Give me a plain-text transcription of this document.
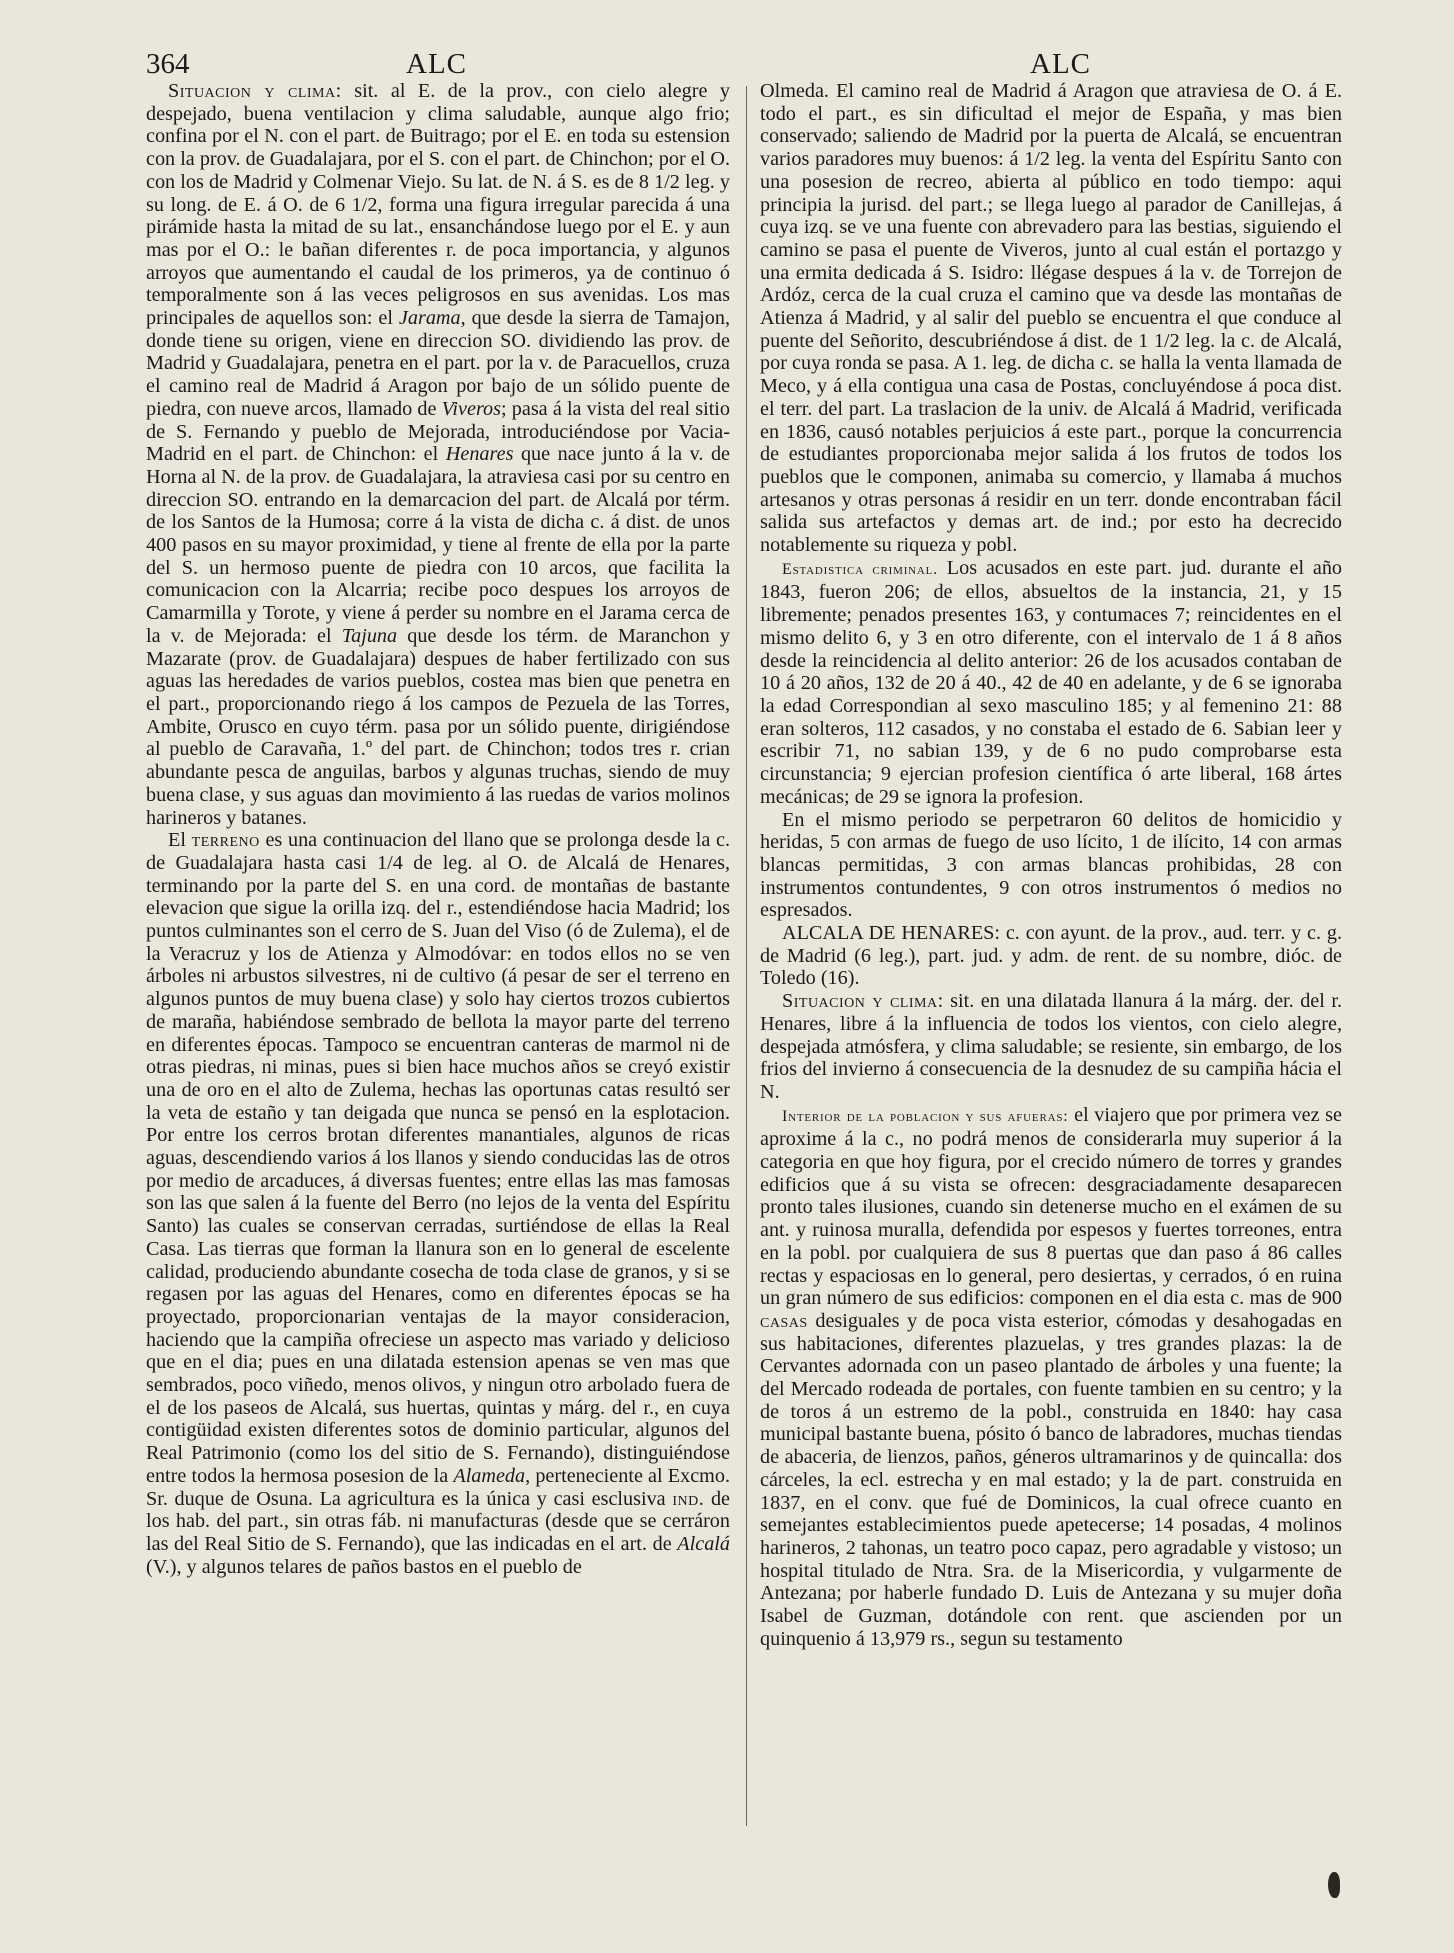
364	ALC	ALC

Situacion y clima: sit. al E. de la prov., con cielo alegre y despejado, buena ventilacion y clima saludable, aunque algo frio; confina por el N. con el part. de Buitrago; por el E. en toda su estension con la prov. de Guadalajara, por el S. con el part. de Chinchon; por el O. con los de Madrid y Colmenar Viejo. Su lat. de N. á S. es de 8 1/2 leg. y su long. de E. á O. de 6 1/2, forma una figura irregular parecida á una pirámide hasta la mitad de su lat., ensanchándose luego por el E. y aun mas por el O.: le bañan diferentes r. de poca importancia, y algunos arroyos que aumentando el caudal de los primeros, ya de continuo ó temporalmente son á las veces peligrosos en sus avenidas. Los mas principales de aquellos son: el Jarama, que desde la sierra de Tamajon, donde tiene su origen, viene en direccion SO. dividiendo las prov. de Madrid y Guadalajara, penetra en el part. por la v. de Paracuellos, cruza el camino real de Madrid á Aragon por bajo de un sólido puente de piedra, con nueve arcos, llamado de Viveros; pasa á la vista del real sitio de S. Fernando y pueblo de Mejorada, introduciéndose por Vacia-Madrid en el part. de Chinchon: el Henares que nace junto á la v. de Horna al N. de la prov. de Guadalajara, la atraviesa casi por su centro en direccion SO. entrando en la demarcacion del part. de Alcalá por térm. de los Santos de la Humosa; corre á la vista de dicha c. á dist. de unos 400 pasos en su mayor proximidad, y tiene al frente de ella por la parte del S. un hermoso puente de piedra con 10 arcos, que facilita la comunicacion con la Alcarria; recibe poco despues los arroyos de Camarmilla y Torote, y viene á perder su nombre en el Jarama cerca de la v. de Mejorada: el Tajuna que desde los térm. de Maranchon y Mazarate (prov. de Guadalajara) despues de haber fertilizado con sus aguas las heredades de varios pueblos, costea mas bien que penetra en el part., proporcionando riego á los campos de Pezuela de las Torres, Ambite, Orusco en cuyo térm. pasa por un sólido puente, dirigiéndose al pueblo de Caravaña, 1.º del part. de Chinchon; todos tres r. crian abundante pesca de anguilas, barbos y algunas truchas, siendo de muy buena clase, y sus aguas dan movimiento á las ruedas de varios molinos harineros y batanes.

El terreno es una continuacion del llano que se prolonga desde la c. de Guadalajara hasta casi 1/4 de leg. al O. de Alcalá de Henares, terminando por la parte del S. en una cord. de montañas de bastante elevacion que sigue la orilla izq. del r., estendiéndose hacia Madrid; los puntos culminantes son el cerro de S. Juan del Viso (ó de Zulema), el de la Veracruz y los de Atienza y Almodóvar: en todos ellos no se ven árboles ni arbustos silvestres, ni de cultivo (á pesar de ser el terreno en algunos puntos de muy buena clase) y solo hay ciertos trozos cubiertos de maraña, habiéndose sembrado de bellota la mayor parte del terreno en diferentes épocas. Tampoco se encuentran canteras de marmol ni de otras piedras, ni minas, pues si bien hace muchos años se creyó existir una de oro en el alto de Zulema, hechas las oportunas catas resultó ser la veta de estaño y tan deigada que nunca se pensó en la esplotacion. Por entre los cerros brotan diferentes manantiales, algunos de ricas aguas, descendiendo varios á los llanos y siendo conducidas las de otros por medio de arcaduces, á diversas fuentes; entre ellas las mas famosas son las que salen á la fuente del Berro (no lejos de la venta del Espíritu Santo) las cuales se conservan cerradas, surtiéndose de ellas la Real Casa. Las tierras que forman la llanura son en lo general de escelente calidad, produciendo abundante cosecha de toda clase de granos, y si se regasen por las aguas del Henares, como en diferentes épocas se ha proyectado, proporcionarian ventajas de la mayor consideracion, haciendo que la campiña ofreciese un aspecto mas variado y delicioso que en el dia; pues en una dilatada estension apenas se ven mas que sembrados, poco viñedo, menos olivos, y ningun otro arbolado fuera de el de los paseos de Alcalá, sus huertas, quintas y márg. del r., en cuya contigüidad existen diferentes sotos de dominio particular, algunos del Real Patrimonio (como los del sitio de S. Fernando), distinguiéndose entre todos la hermosa posesion de la Alameda, perteneciente al Excmo. Sr. duque de Osuna. La agricultura es la única y casi esclusiva ind. de los hab. del part., sin otras fáb. ni manufacturas (desde que se cerráron las del Real Sitio de S. Fernando), que las indicadas en el art. de Alcalá (V.), y algunos telares de paños bastos en el pueblo de

Olmeda. El camino real de Madrid á Aragon que atraviesa de O. á E. todo el part., es sin dificultad el mejor de España, y mas bien conservado; saliendo de Madrid por la puerta de Alcalá, se encuentran varios paradores muy buenos: á 1/2 leg. la venta del Espíritu Santo con una posesion de recreo, abierta al público en todo tiempo: aqui principia la jurisd. del part.; se llega luego al parador de Canillejas, á cuya izq. se ve una fuente con abrevadero para las bestias, siguiendo el camino se pasa el puente de Viveros, junto al cual están el portazgo y una ermita dedicada á S. Isidro: llégase despues á la v. de Torrejon de Ardóz, cerca de la cual cruza el camino que va desde las montañas de Atienza á Madrid, y al salir del pueblo se encuentra el que conduce al puente del Señorito, descubriéndose á dist. de 1 1/2 leg. la c. de Alcalá, por cuya ronda se pasa. A 1. leg. de dicha c. se halla la venta llamada de Meco, y á ella contigua una casa de Postas, concluyéndose á poca dist. el terr. del part. La traslacion de la univ. de Alcalá á Madrid, verificada en 1836, causó notables perjuicios á este part., porque la concurrencia de estudiantes proporcionaba mejor salida á los frutos de todos los pueblos que le componen, animaba su comercio, y llamaba á muchos artesanos y otras personas á residir en un terr. donde encontraban fácil salida sus artefactos y demas art. de ind.; por esto ha decrecido notablemente su riqueza y pobl.

Estadistica criminal. Los acusados en este part. jud. durante el año 1843, fueron 206; de ellos, absueltos de la instancia, 21, y 15 libremente; penados presentes 163, y contumaces 7; reincidentes en el mismo delito 6, y 3 en otro diferente, con el intervalo de 1 á 8 años desde la reincidencia al delito anterior: 26 de los acusados contaban de 10 á 20 años, 132 de 20 á 40., 42 de 40 en adelante, y de 6 se ignoraba la edad Correspondian al sexo masculino 185; y al femenino 21: 88 eran solteros, 112 casados, y no constaba el estado de 6. Sabian leer y escribir 71, no sabian 139, y de 6 no pudo comprobarse esta circunstancia; 9 ejercian profesion científica ó arte liberal, 168 ártes mecánicas; de 29 se ignora la profesion.

En el mismo periodo se perpetraron 60 delitos de homicidio y heridas, 5 con armas de fuego de uso lícito, 1 de ilícito, 14 con armas blancas permitidas, 3 con armas blancas prohibidas, 28 con instrumentos contundentes, 9 con otros instrumentos ó medios no espresados.

ALCALA DE HENARES: c. con ayunt. de la prov., aud. terr. y c. g. de Madrid (6 leg.), part. jud. y adm. de rent. de su nombre, dióc. de Toledo (16).

Situacion y clima: sit. en una dilatada llanura á la márg. der. del r. Henares, libre á la influencia de todos los vientos, con cielo alegre, despejada atmósfera, y clima saludable; se resiente, sin embargo, de los frios del invierno á consecuencia de la desnudez de su campiña hácia el N.

Interior de la poblacion y sus afueras: el viajero que por primera vez se aproxime á la c., no podrá menos de considerarla muy superior á la categoria en que hoy figura, por el crecido número de torres y grandes edificios que á su vista se ofrecen: desgraciadamente desaparecen pronto tales ilusiones, cuando sin detenerse mucho en el exámen de su ant. y ruinosa muralla, defendida por espesos y fuertes torreones, entra en la pobl. por cualquiera de sus 8 puertas que dan paso á 86 calles rectas y espaciosas en lo general, pero desiertas, y cerrados, ó en ruina un gran número de sus edificios: componen en el dia esta c. mas de 900 casas desiguales y de poca vista esterior, cómodas y desahogadas en sus habitaciones, diferentes plazuelas, y tres grandes plazas: la de Cervantes adornada con un paseo plantado de árboles y una fuente; la del Mercado rodeada de portales, con fuente tambien en su centro; y la de toros á un estremo de la pobl., construida en 1840: hay casa municipal bastante buena, pósito ó banco de labradores, muchas tiendas de abaceria, de lienzos, paños, géneros ultramarinos y de quincalla: dos cárceles, la ecl. estrecha y en mal estado; y la de part. construida en 1837, en el conv. que fué de Dominicos, la cual ofrece cuanto en semejantes establecimientos puede apetecerse; 14 posadas, 4 molinos harineros, 2 tahonas, un teatro poco capaz, pero agradable y vistoso; un hospital titulado de Ntra. Sra. de la Misericordia, y vulgarmente de Antezana; por haberle fundado D. Luis de Antezana y su mujer doña Isabel de Guzman, dotándole con rent. que ascienden por un quinquenio á 13,979 rs., segun su testamento
